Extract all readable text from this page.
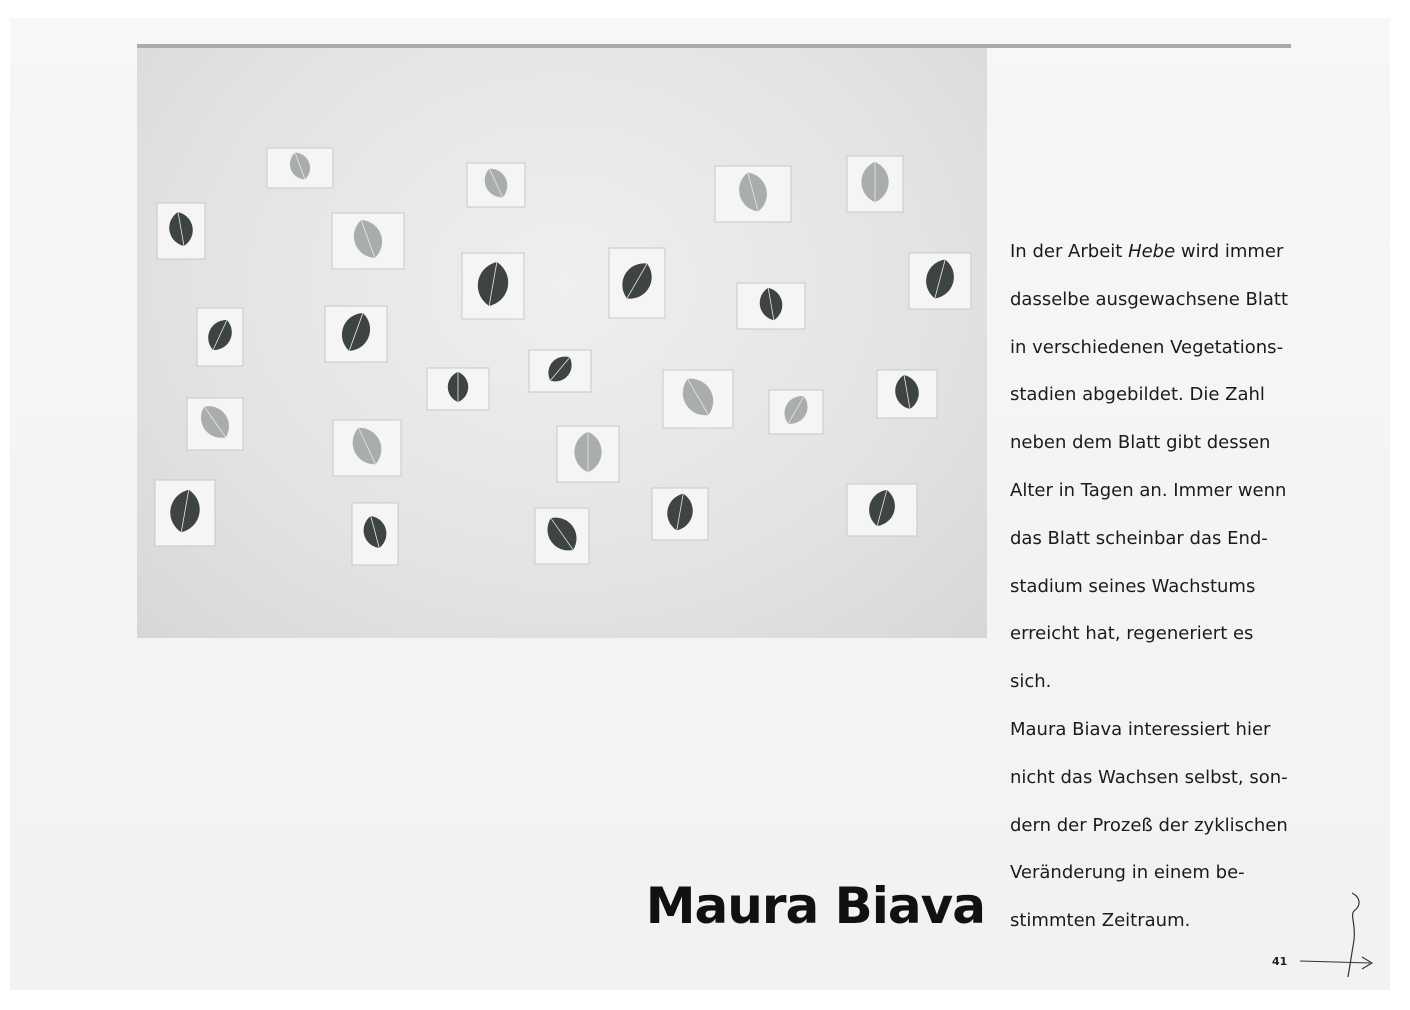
Maura Biava

In der Arbeit Hebe wird immer
dasselbe ausgewachsene Blatt
in verschiedenen Vegetations-
stadien abgebildet. Die Zahl
neben dem Blatt gibt dessen
Alter in Tagen an. Immer wenn
das Blatt scheinbar das End-
stadium seines Wachstums
erreicht hat, regeneriert es
sich.
Maura Biava interessiert hier
nicht das Wachsen selbst, son-
dern der Prozeß der zyklischen
Veränderung in einem be-
stimmten Zeitraum.

41
